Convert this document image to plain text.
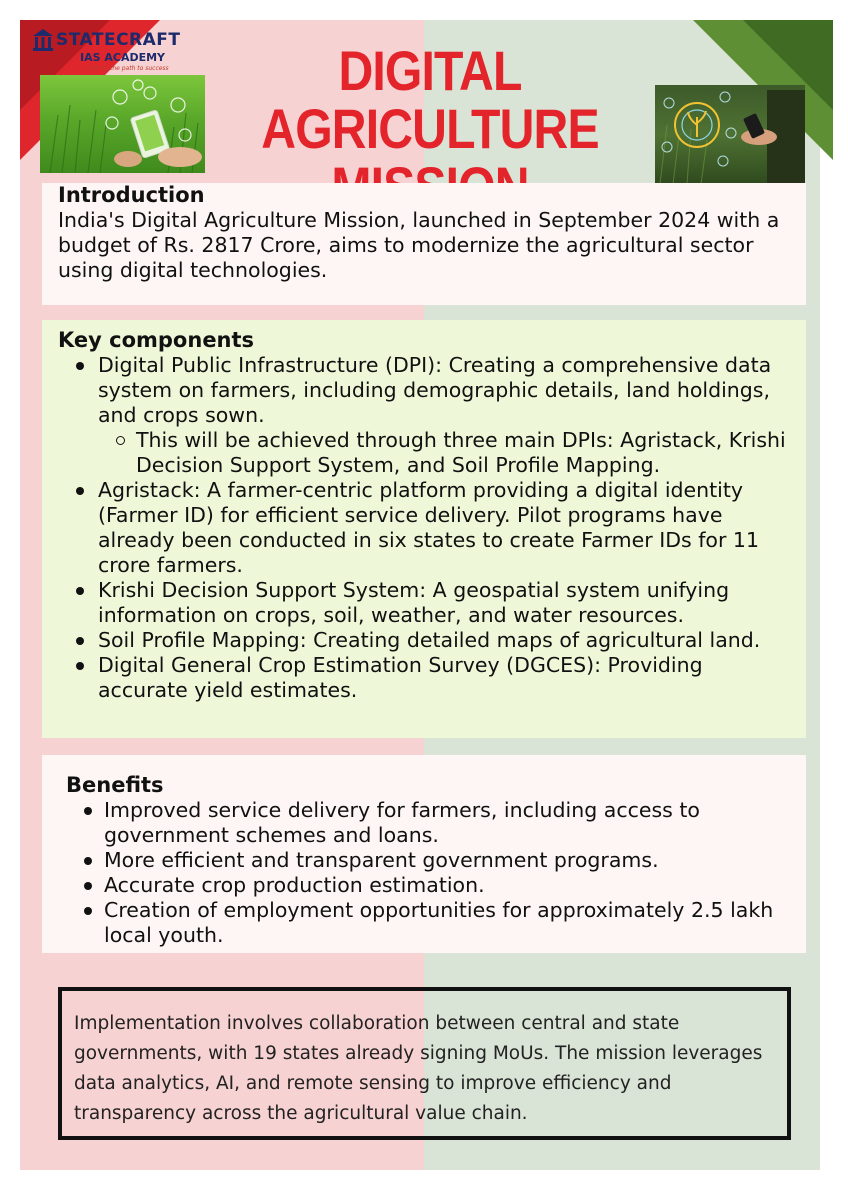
STATECRAFT
IAS ACADEMY
Crafting the path to success	DIGITAL AGRICULTURE
Introduction

India's Digital Agriculture Mission, launched in September 2024 with a budget of Rs. 2817 Crore, aims to modernize the agricultural sector using digital technologies.

Key components
Digital Public Infrastructure (DPI): Creating a comprehensive data system on farmers, including demographic details, land holdings, and crops sown.
This will be achieved through three main DPIs: Agristack, Krishi Decision Support System, and Soil Profile Mapping.
Agristack: A farmer-centric platform providing a digital identity (Farmer ID) for efficient service delivery. Pilot programs have already been conducted in six states to create Farmer IDs for 11 crore farmers.
Krishi Decision Support System: A geospatial system unifying information on crops, soil, weather, and water resources.
Soil Profile Mapping: Creating detailed maps of agricultural land.
Digital General Crop Estimation Survey (DGCES): Providing accurate yield estimates.
Benefits
Improved service delivery for farmers, including access to government schemes and loans.
More efficient and transparent government programs.
Accurate crop production estimation.
Creation of employment opportunities for approximately 2.5 lakh local youth.

Implementation involves collaboration between central and state governments, with 19 states already signing MoUs. The mission leverages data analytics, AI, and remote sensing to improve efficiency and transparency across the agricultural value chain.
